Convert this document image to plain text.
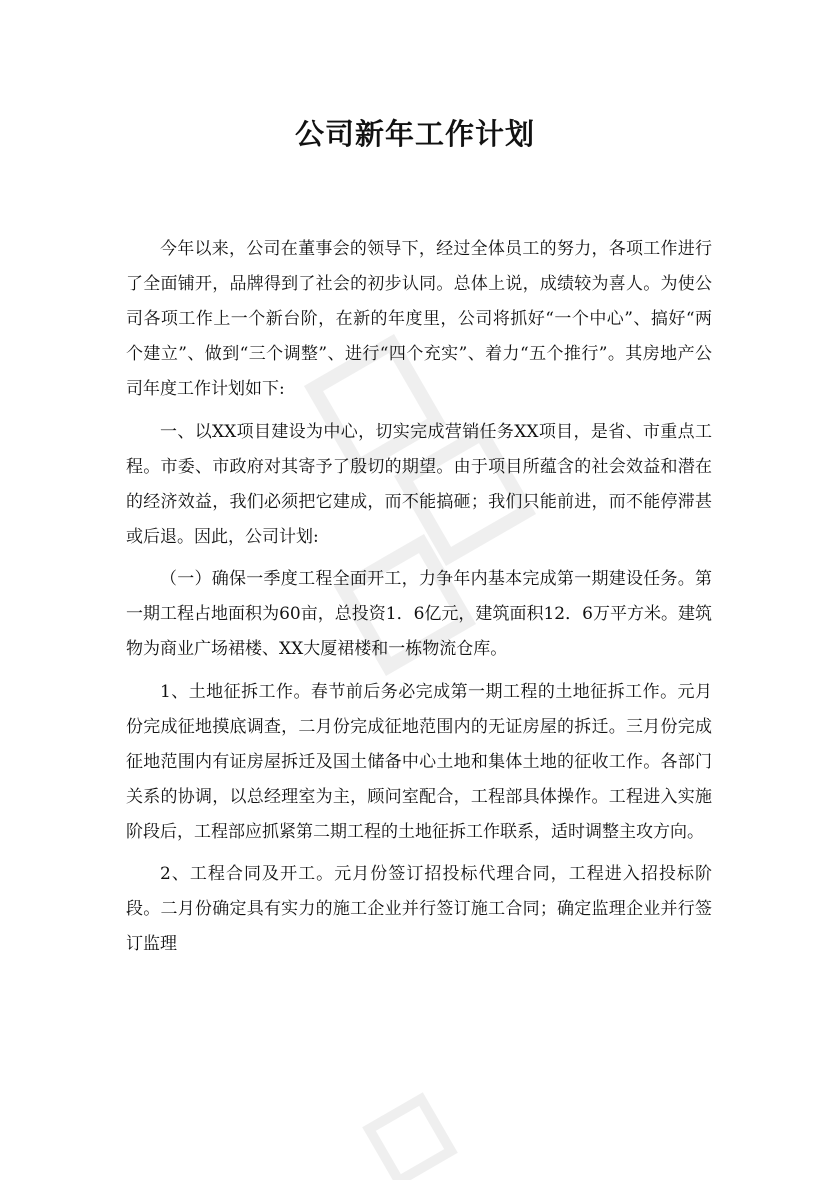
公司新年工作计划

今年以来，公司在董事会的领导下，经过全体员工的努力，各项工作进行了全面铺开，品牌得到了社会的初步认同。总体上说，成绩较为喜人。为使公司各项工作上一个新台阶，在新的年度里，公司将抓好“一个中心”、搞好“两个建立”、做到“三个调整”、进行“四个充实”、着力“五个推行”。其房地产公司年度工作计划如下:

一、以XX项目建设为中心，切实完成营销任务XX项目，是省、市重点工程。市委、市政府对其寄予了殷切的期望。由于项目所蕴含的社会效益和潜在的经济效益，我们必须把它建成，而不能搞砸；我们只能前进，而不能停滞甚或后退。因此，公司计划:

（一）确保一季度工程全面开工，力争年内基本完成第一期建设任务。第一期工程占地面积为60亩，总投资1．6亿元，建筑面积12．6万平方米。建筑物为商业广场裙楼、XX大厦裙楼和一栋物流仓库。

1、土地征拆工作。春节前后务必完成第一期工程的土地征拆工作。元月份完成征地摸底调查，二月份完成征地范围内的无证房屋的拆迁。三月份完成征地范围内有证房屋拆迁及国土储备中心土地和集体土地的征收工作。各部门关系的协调，以总经理室为主，顾问室配合，工程部具体操作。工程进入实施阶段后，工程部应抓紧第二期工程的土地征拆工作联系，适时调整主攻方向。

2、工程合同及开工。元月份签订招投标代理合同，工程进入招投标阶段。二月份确定具有实力的施工企业并行签订施工合同；确定监理企业并行签订监理
